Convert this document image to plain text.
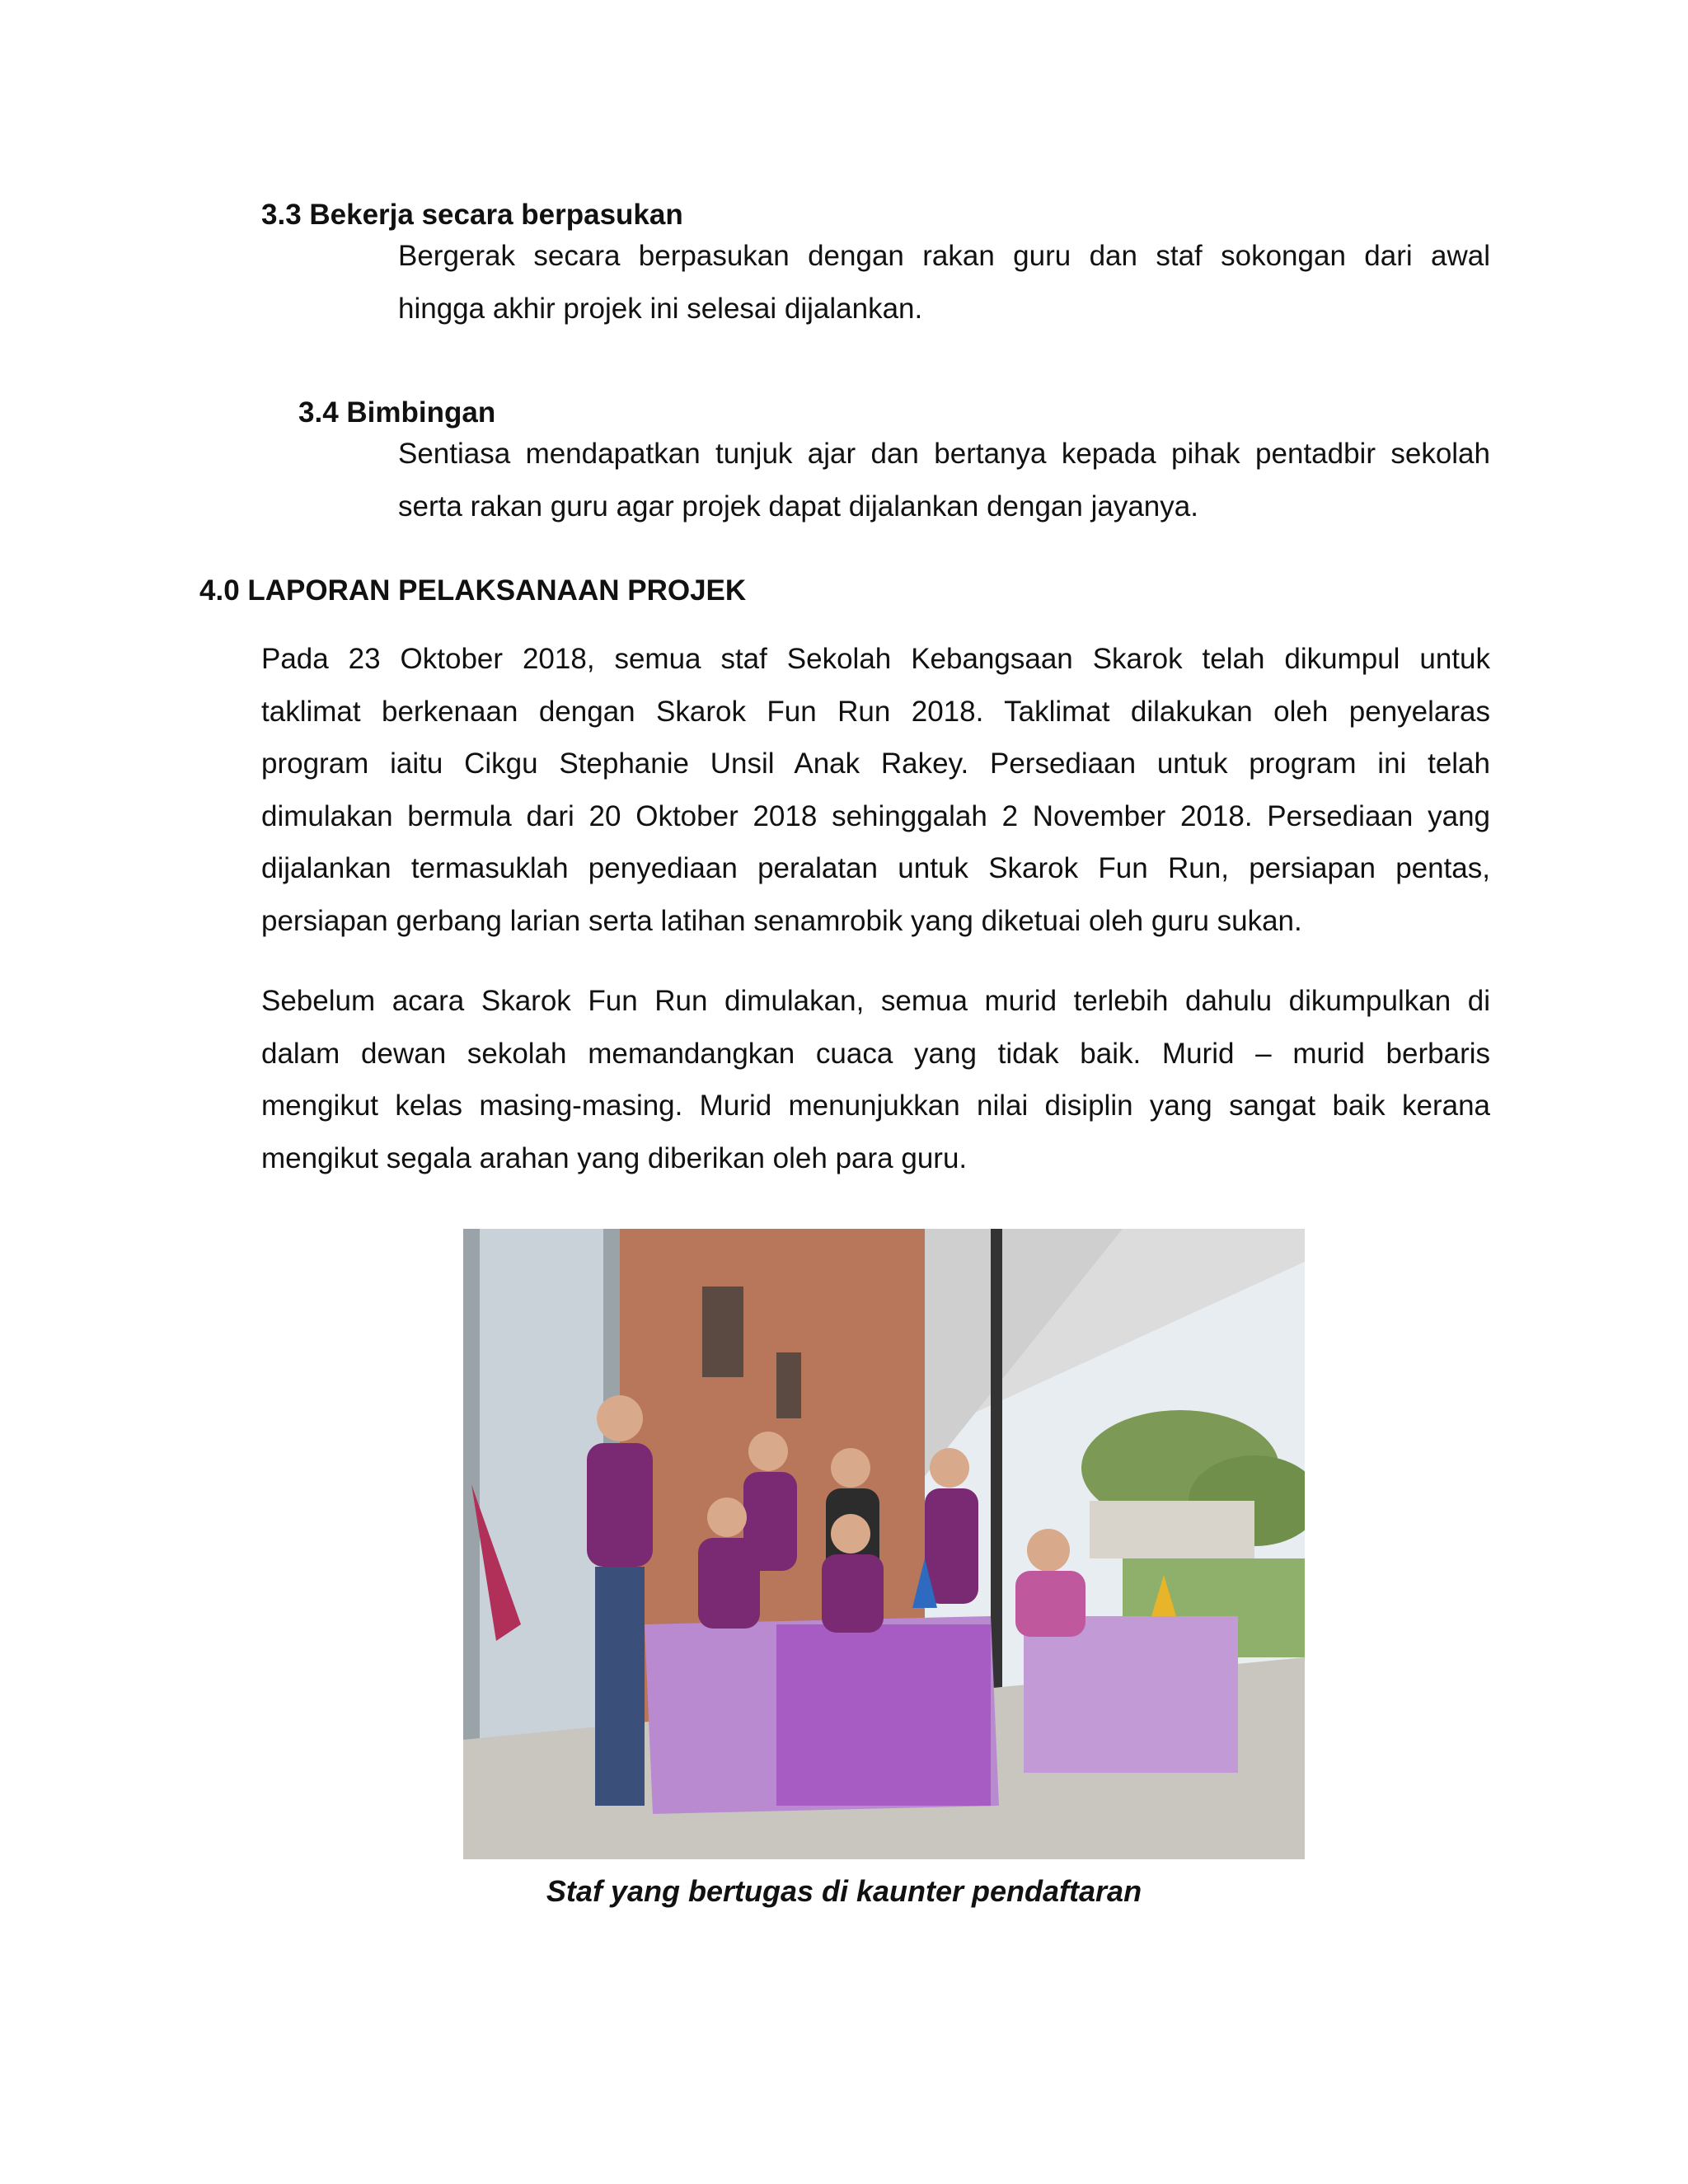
3.3 Bekerja secara berpasukan
Bergerak secara berpasukan dengan rakan guru dan staf sokongan dari awal
hingga akhir projek ini selesai dijalankan.
3.4 Bimbingan
Sentiasa mendapatkan tunjuk ajar dan bertanya kepada pihak pentadbir sekolah
serta rakan guru agar projek dapat dijalankan dengan jayanya.
4.0 LAPORAN PELAKSANAAN PROJEK
Pada 23 Oktober 2018, semua staf Sekolah Kebangsaan Skarok telah dikumpul untuk
taklimat berkenaan dengan Skarok Fun Run 2018. Taklimat dilakukan oleh penyelaras
program iaitu Cikgu Stephanie Unsil Anak Rakey. Persediaan untuk program ini telah
dimulakan bermula dari 20 Oktober 2018 sehinggalah 2 November 2018. Persediaan yang
dijalankan termasuklah penyediaan peralatan untuk Skarok Fun Run, persiapan pentas,
persiapan gerbang larian serta latihan senamrobik yang diketuai oleh guru sukan.
Sebelum acara Skarok Fun Run dimulakan, semua murid terlebih dahulu dikumpulkan di
dalam dewan sekolah memandangkan cuaca yang tidak baik. Murid – murid berbaris
mengikut kelas masing-masing. Murid menunjukkan nilai disiplin yang sangat baik kerana
mengikut segala arahan yang diberikan oleh para guru.
Staf yang bertugas di kaunter pendaftaran
